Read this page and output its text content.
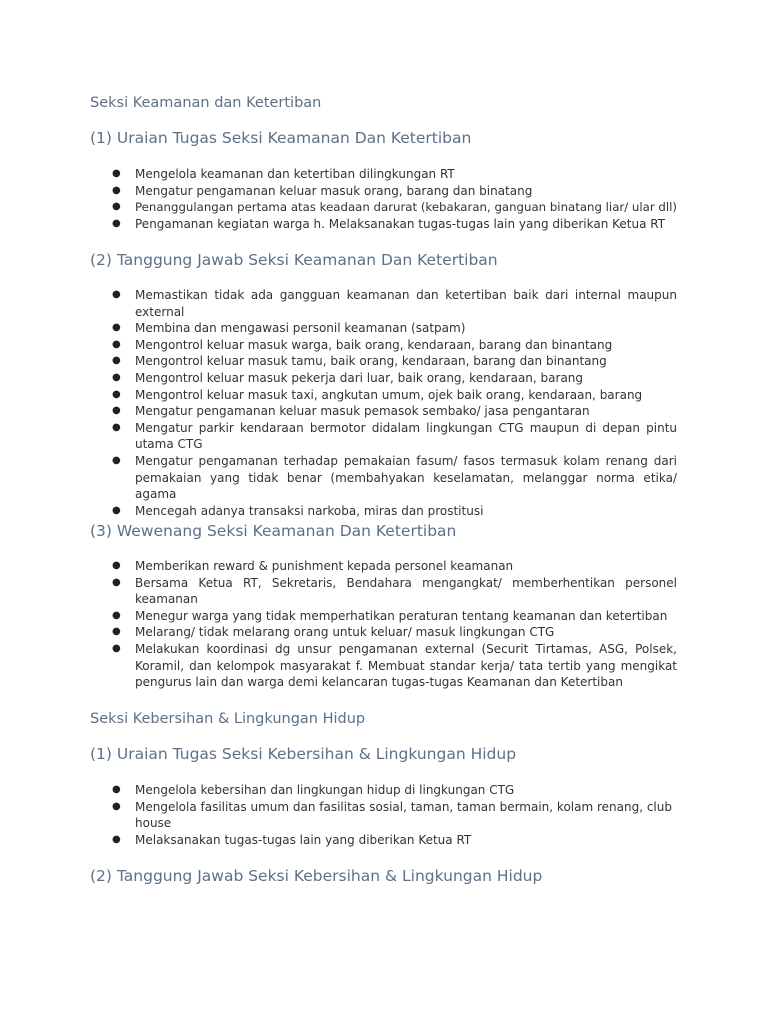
Seksi Keamanan dan Ketertiban
(1) Uraian Tugas Seksi Keamanan Dan Ketertiban
● Mengelola keamanan dan ketertiban dilingkungan RT
● Mengatur pengamanan keluar masuk orang, barang dan binatang
● Penanggulangan pertama atas keadaan darurat (kebakaran, ganguan binatang liar/ ular dll)
● Pengamanan kegiatan warga h. Melaksanakan tugas-tugas lain yang diberikan Ketua RT
(2) Tanggung Jawab Seksi Keamanan Dan Ketertiban
● Memastikan tidak ada gangguan keamanan dan ketertiban baik dari internal maupun external
● Membina dan mengawasi personil keamanan (satpam)
● Mengontrol keluar masuk warga, baik orang, kendaraan, barang dan binantang
● Mengontrol keluar masuk tamu, baik orang, kendaraan, barang dan binantang
● Mengontrol keluar masuk pekerja dari luar, baik orang, kendaraan, barang
● Mengontrol keluar masuk taxi, angkutan umum, ojek baik orang, kendaraan, barang
● Mengatur pengamanan keluar masuk pemasok sembako/ jasa pengantaran
● Mengatur parkir kendaraan bermotor didalam lingkungan CTG maupun di depan pintu utama CTG
● Mengatur pengamanan terhadap pemakaian fasum/ fasos termasuk kolam renang dari pemakaian yang tidak benar (membahyakan keselamatan, melanggar norma etika/ agama
● Mencegah adanya transaksi narkoba, miras dan prostitusi
(3) Wewenang Seksi Keamanan Dan Ketertiban
● Memberikan reward & punishment kepada personel keamanan
● Bersama Ketua RT, Sekretaris, Bendahara mengangkat/ memberhentikan personel keamanan
● Menegur warga yang tidak memperhatikan peraturan tentang keamanan dan ketertiban
● Melarang/ tidak melarang orang untuk keluar/ masuk lingkungan CTG
● Melakukan koordinasi dg unsur pengamanan external (Securit Tirtamas, ASG, Polsek, Koramil, dan kelompok masyarakat f. Membuat standar kerja/ tata tertib yang mengikat pengurus lain dan warga demi kelancaran tugas-tugas Keamanan dan Ketertiban
Seksi Kebersihan & Lingkungan Hidup
(1) Uraian Tugas Seksi Kebersihan & Lingkungan Hidup
● Mengelola kebersihan dan lingkungan hidup di lingkungan CTG
● Mengelola fasilitas umum dan fasilitas sosial, taman, taman bermain, kolam renang, club house
● Melaksanakan tugas-tugas lain yang diberikan Ketua RT
(2) Tanggung Jawab Seksi Kebersihan & Lingkungan Hidup
